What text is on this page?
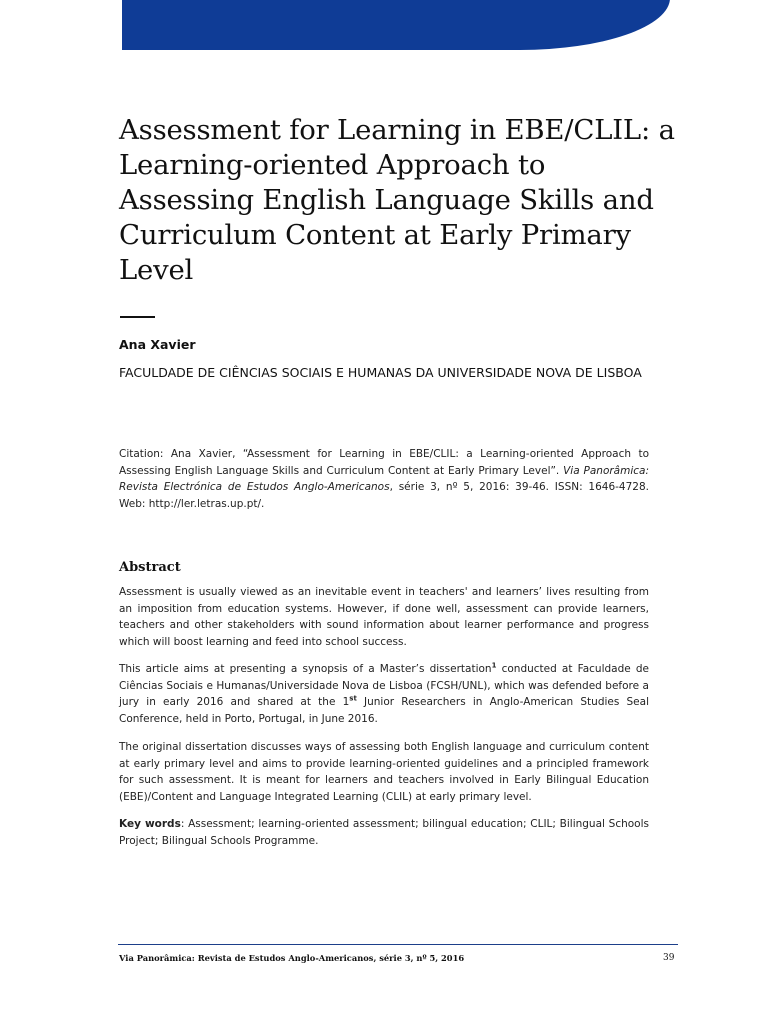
Assessment for Learning in EBE/CLIL: a Learning-oriented Approach to Assessing English Language Skills and Curriculum Content at Early Primary Level

Ana Xavier

FACULDADE DE CIÊNCIAS SOCIAIS E HUMANAS DA UNIVERSIDADE NOVA DE LISBOA

Citation: Ana Xavier, “Assessment for Learning in EBE/CLIL: a Learning-oriented Approach to Assessing English Language Skills and Curriculum Content at Early Primary Level”. Via Panorâmica: Revista Electrónica de Estudos Anglo-Americanos, série 3, nº 5, 2016: 39-46. ISSN: 1646-4728. Web: http://ler.letras.up.pt/.

Abstract

Assessment is usually viewed as an inevitable event in teachers' and learners’ lives resulting from an imposition from education systems. However, if done well, assessment can provide learners, teachers and other stakeholders with sound information about learner performance and progress which will boost learning and feed into school success.

This article aims at presenting a synopsis of a Master’s dissertation$^1$ conducted at Faculdade de Ciências Sociais e Humanas/Universidade Nova de Lisboa (FCSH/UNL), which was defended before a jury in early 2016 and shared at the 1st Junior Researchers in Anglo-American Studies Seal Conference, held in Porto, Portugal, in June 2016.

The original dissertation discusses ways of assessing both English language and curriculum content at early primary level and aims to provide learning-oriented guidelines and a principled framework for such assessment. It is meant for learners and teachers involved in Early Bilingual Education (EBE)/Content and Language Integrated Learning (CLIL) at early primary level.

Key words: Assessment; learning-oriented assessment; bilingual education; CLIL; Bilingual Schools Project; Bilingual Schools Programme.

Via Panorâmica: Revista de Estudos Anglo-Americanos, série 3, nº 5, 2016	39
